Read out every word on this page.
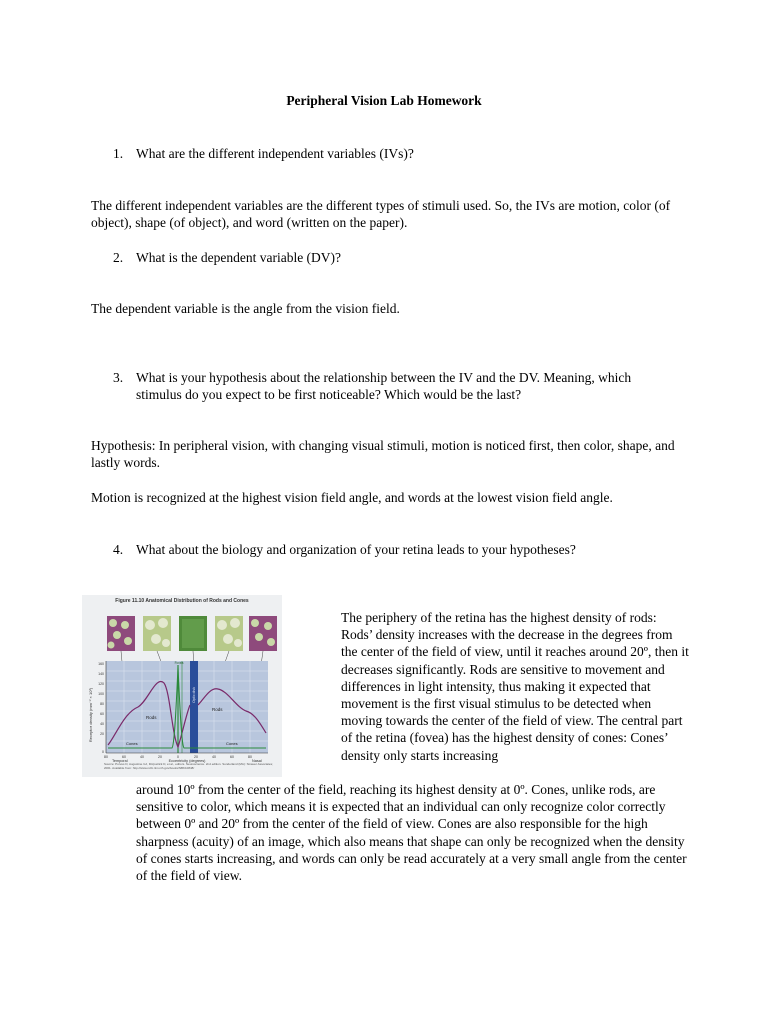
Peripheral Vision Lab Homework
1. What are the different independent variables (IVs)?
The different independent variables are the different types of stimuli used. So, the IVs are motion, color (of object), shape (of object), and word (written on the paper).
2. What is the dependent variable (DV)?
The dependent variable is the angle from the vision field.
3. What is your hypothesis about the relationship between the IV and the DV. Meaning, which stimulus do you expect to be first noticeable? Which would be the last?
Hypothesis: In peripheral vision, with changing visual stimuli, motion is noticed first, then color, shape, and lastly words.
Motion is recognized at the highest vision field angle, and words at the lowest vision field angle.
4. What about the biology and organization of your retina leads to your hypotheses?
Figure 11.10 Anatomical Distribution of Rods and Cones
Receptor density (mm⁻² × 10³)
160
140
120
100
80
60
40
20
0
80	60	40	20	0	20	40	60	80
Temporal	Eccentricity (degrees)	Nasal
Rods
Rods
Cones	Cones
Optic disk
Fovea
Source: Purves D, Augustine GJ, Fitzpatrick D, et al., editors. Neuroscience. 2nd edition. Sunderland (MA): Sinauer Associates; 2001. Available from: http://www.ncbi.nlm.nih.gov/books/NBK10848/
The periphery of the retina has the highest density of rods: Rods’ density increases with the decrease in the degrees from the center of the field of view, until it reaches around 20º, then it decreases significantly. Rods are sensitive to movement and differences in light intensity, thus making it expected that movement is the first visual stimulus to be detected when moving towards the center of the field of view. The central part of the retina (fovea) has the highest density of cones: Cones’ density only starts increasing
around 10º from the center of the field, reaching its highest density at 0º. Cones, unlike rods, are sensitive to color, which means it is expected that an individual can only recognize color correctly between 0º and 20º from the center of the field of view. Cones are also responsible for the high sharpness (acuity) of an image, which also means that shape can only be recognized when the density of cones starts increasing, and words can only be read accurately at a very small angle from the center of the field of view.
